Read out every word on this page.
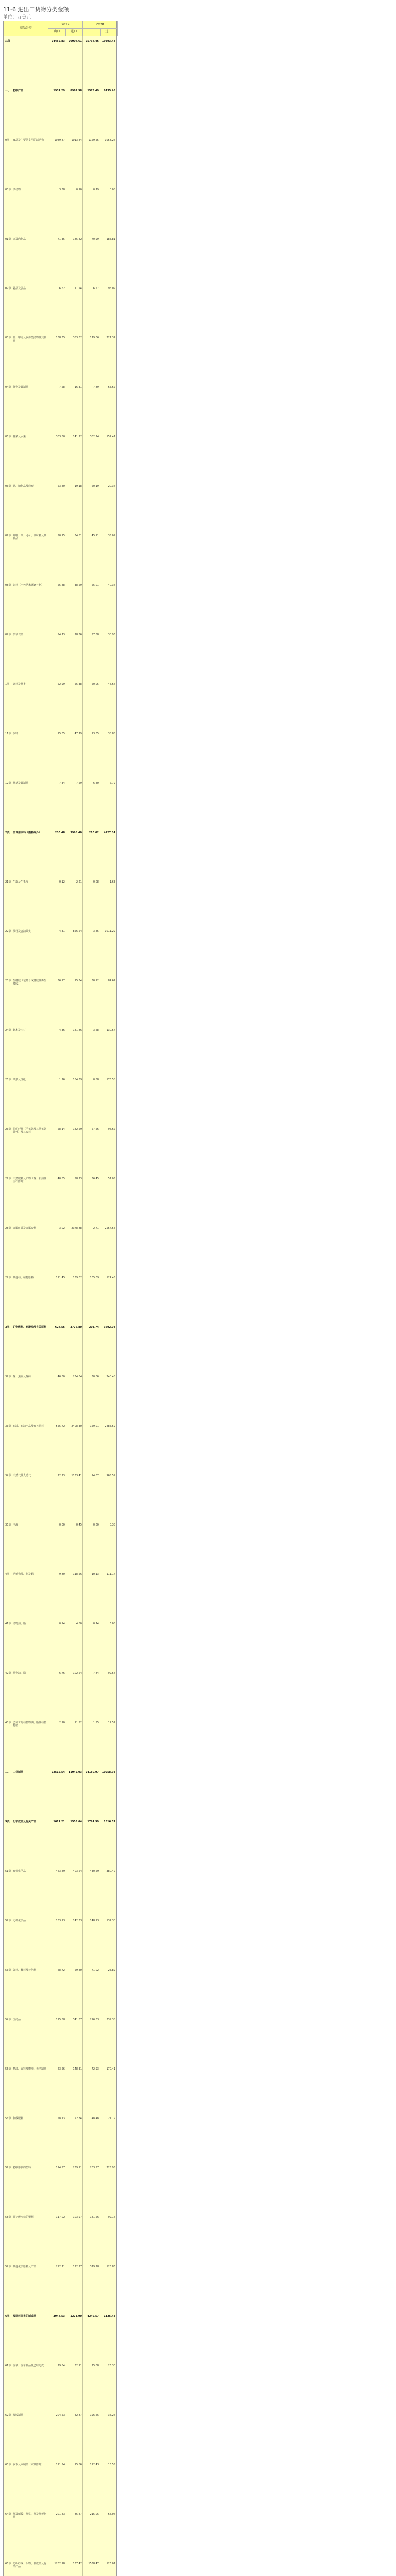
11-6 进出口货物分类金额
单位：万美元
商品分类
2019	2020
出口	进口	出口	进口
总值	24452.83	20004.61	25734.46	19393.44
一、 初级产品	1937.29	8962.58	1573.49	9135.46
0类	食品及主要供食用的活动物	1049.47	1013.44	1129.55	1058.27
00章 活动物	3.38	0.10	0.79	0.08
01章 肉及肉制品	71.35	185.42	70.99	185.81
02章 乳品及蛋品	6.62	71.24	6.57	96.09
03章 鱼、甲壳及软体类动物及其制品
168.35	383.62	179.06	221.37
04章 谷物及其制品	7.28	16.31	7.89	65.62
05章 蔬菜及水果	303.60	141.22	302.24	157.41
06章 糖、糖制品及蜂蜜	23.40	19.18	20.19	20.37
07章 咖啡、茶、可可、调味料及其制品
50.15	34.81	45.91	35.09
08章 饲料（不包括未碾磨谷物）	25.48	38.29	25.01	40.37
09章 杂项食品	54.73	28.36	57.88	30.93
1类	饮料及烟类	22.99	55.38	20.05	46.67
11章 饮料	15.65	47.79	13.65	38.88
12章 烟草及其制品	7.34	7.59	6.40	7.79
2类	非食用原料（燃料除外）	230.48	3998.40	210.02	4227.34
21章 生皮及生毛皮	0.12	2.21	0.08	1.63
22章 油籽及含油果实	4.31	856.24	3.45	1011.29
23章 生橡胶（包括合成橡胶及再生橡胶）
36.97	95.34	30.12	84.62
24章 软木及木材	4.36	141.86	3.68	130.54
25章 纸浆及废纸	1.26	184.39	0.88	173.58
26章 纺织纤维（羊毛条及其他毛条除外）及其废料
28.14	142.29	27.56	96.62
27章 天然肥料及矿物（煤、石油及宝石除外）
40.85	58.23	36.45	51.05
28章 金属矿砂及金属废料	3.02	2378.88	2.71	2554.56
29章 其他动、植物原料	111.45	139.02	105.09	124.45
3类	矿物燃料、润滑油及有关原料	624.55	3776.80	203.74	3692.04
32章 煤、焦炭及煤砖	46.60	234.64	30.06	240.48
33章 石油、石油产品及有关原料	555.72	2408.30	159.01	2485.59
34章 天然气及人造气	22.23	1133.41	14.07	965.59
35章 电流	0.00	0.45	0.60	0.38
4类	动植物油、脂及蜡	9.80	118.56	10.13	111.14
41章 动物油、脂	0.94	4.80	0.74	6.08
42章 植物油、脂	6.76	102.24	7.84	92.54
43章 已加工的动植物油、脂及动植物蜡
2.10	11.52	1.55	12.52
二、 工业制品	22515.54	11042.03	24160.97	10258.98
5类	化学成品及有关产品	1617.21	1553.64	1791.59	1516.57
51章 有机化学品	463.49	403.24	430.29	380.42
52章 无机化学品	163.13	142.33	148.13	137.30
53章 染料、鞣料及着色料	68.72	29.40	71.02	25.89
54章 医药品	195.88	341.87	296.63	339.38
55章 精油、香料及盥洗、光洁制品	63.56	148.31	72.93	170.41
56章 制成肥料	58.13	22.34	48.48	21.19
57章 初级形状的塑料	194.57	239.91	203.57	225.95
58章 非初级形状的塑料	117.02	103.97	141.26	92.17
59章 其他化学原料及产品	292.71	122.27	379.28	123.86
6类	按原料分类的制成品	3944.53	1273.90	4249.57	1125.48
61章 皮革、皮革制品及已鞣毛皮	29.84	32.11	25.08	26.30
62章 橡胶制品	204.53	42.87	196.65	36.27
63章 软木及木制品（家具除外）	111.54	15.86	112.43	13.55
64章 纸及纸板；纸浆、纸及纸板制品
201.43	85.47	215.05	66.07
65章 纺织纱线、织物、制成品及有关产品
1202.18	137.42	1538.47	126.01
